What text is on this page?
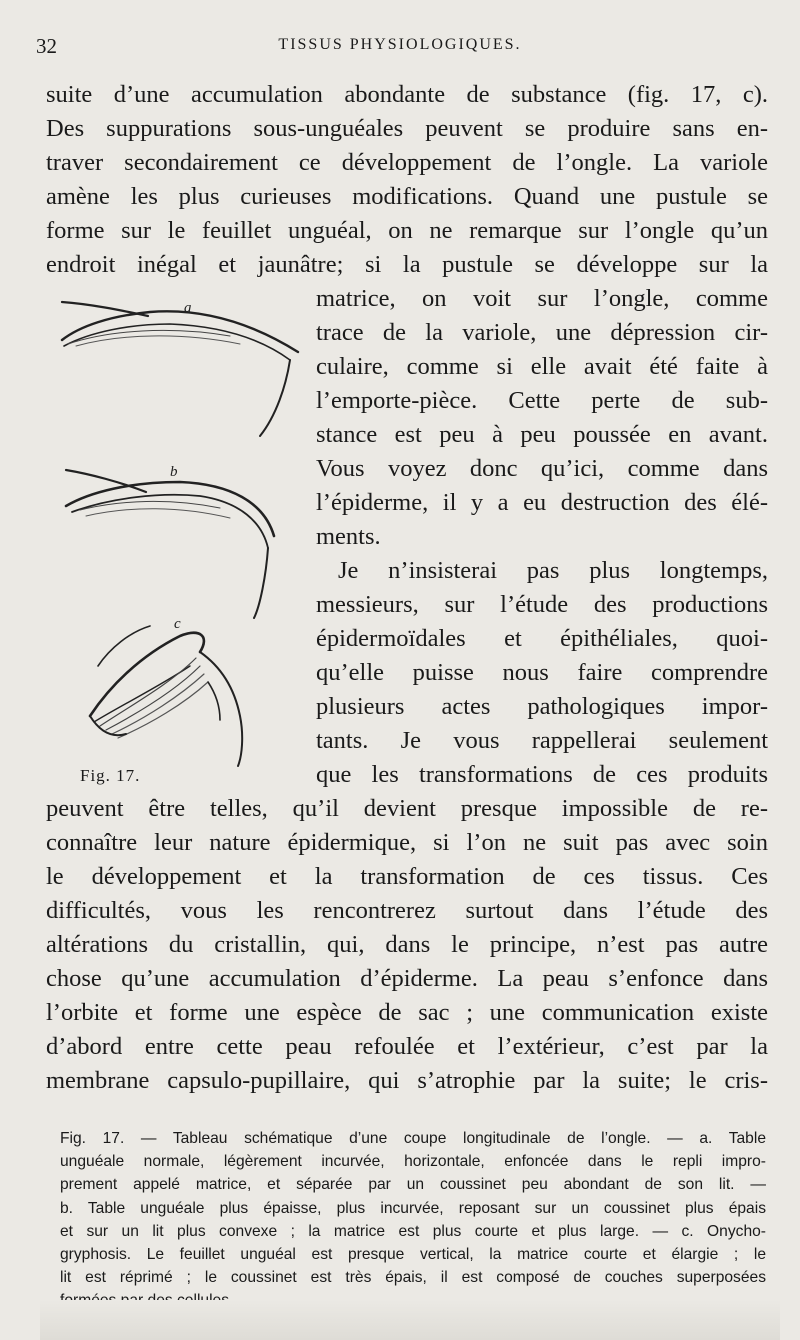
32	TISSUS PHYSIOLOGIQUES.
suite d’une accumulation abondante de substance (fig. 17, c).
Des suppurations sous-unguéales peuvent se produire sans en-
traver secondairement ce développement de l’ongle. La variole
amène les plus curieuses modifications. Quand une pustule se
forme sur le feuillet unguéal, on ne remarque sur l’ongle qu’un
endroit inégal et jaunâtre; si la pustule se développe sur la
matrice, on voit sur l’ongle, comme
trace de la variole, une dépression cir-
culaire, comme si elle avait été faite à
l’emporte-pièce. Cette perte de sub-
stance est peu à peu poussée en avant.
Vous voyez donc qu’ici, comme dans
l’épiderme, il y a eu destruction des élé-
ments.
Je n’insisterai pas plus longtemps,
messieurs, sur l’étude des productions
épidermoïdales et épithéliales, quoi-
qu’elle puisse nous faire comprendre
plusieurs actes pathologiques impor-
tants. Je vous rappellerai seulement
que les transformations de ces produits
peuvent être telles, qu’il devient presque impossible de re-
connaître leur nature épidermique, si l’on ne suit pas avec soin
le développement et la transformation de ces tissus. Ces
difficultés, vous les rencontrerez surtout dans l’étude des
altérations du cristallin, qui, dans le principe, n’est pas autre
chose qu’une accumulation d’épiderme. La peau s’enfonce dans
l’orbite et forme une espèce de sac ; une communication existe
d’abord entre cette peau refoulée et l’extérieur, c’est par la
membrane capsulo-pupillaire, qui s’atrophie par la suite; le cris-
a
b
c
Fig. 17.
Fig. 17. — Tableau schématique d’une coupe longitudinale de l’ongle. — a. Table
unguéale normale, légèrement incurvée, horizontale, enfoncée dans le repli impro-
prement appelé matrice, et séparée par un coussinet peu abondant de son lit. —
b. Table unguéale plus épaisse, plus incurvée, reposant sur un coussinet plus épais
et sur un lit plus convexe ; la matrice est plus courte et plus large. — c. Onycho-
gryphosis. Le feuillet unguéal est presque vertical, la matrice courte et élargie ; le
lit est réprimé ; le coussinet est très épais, il est composé de couches superposées
